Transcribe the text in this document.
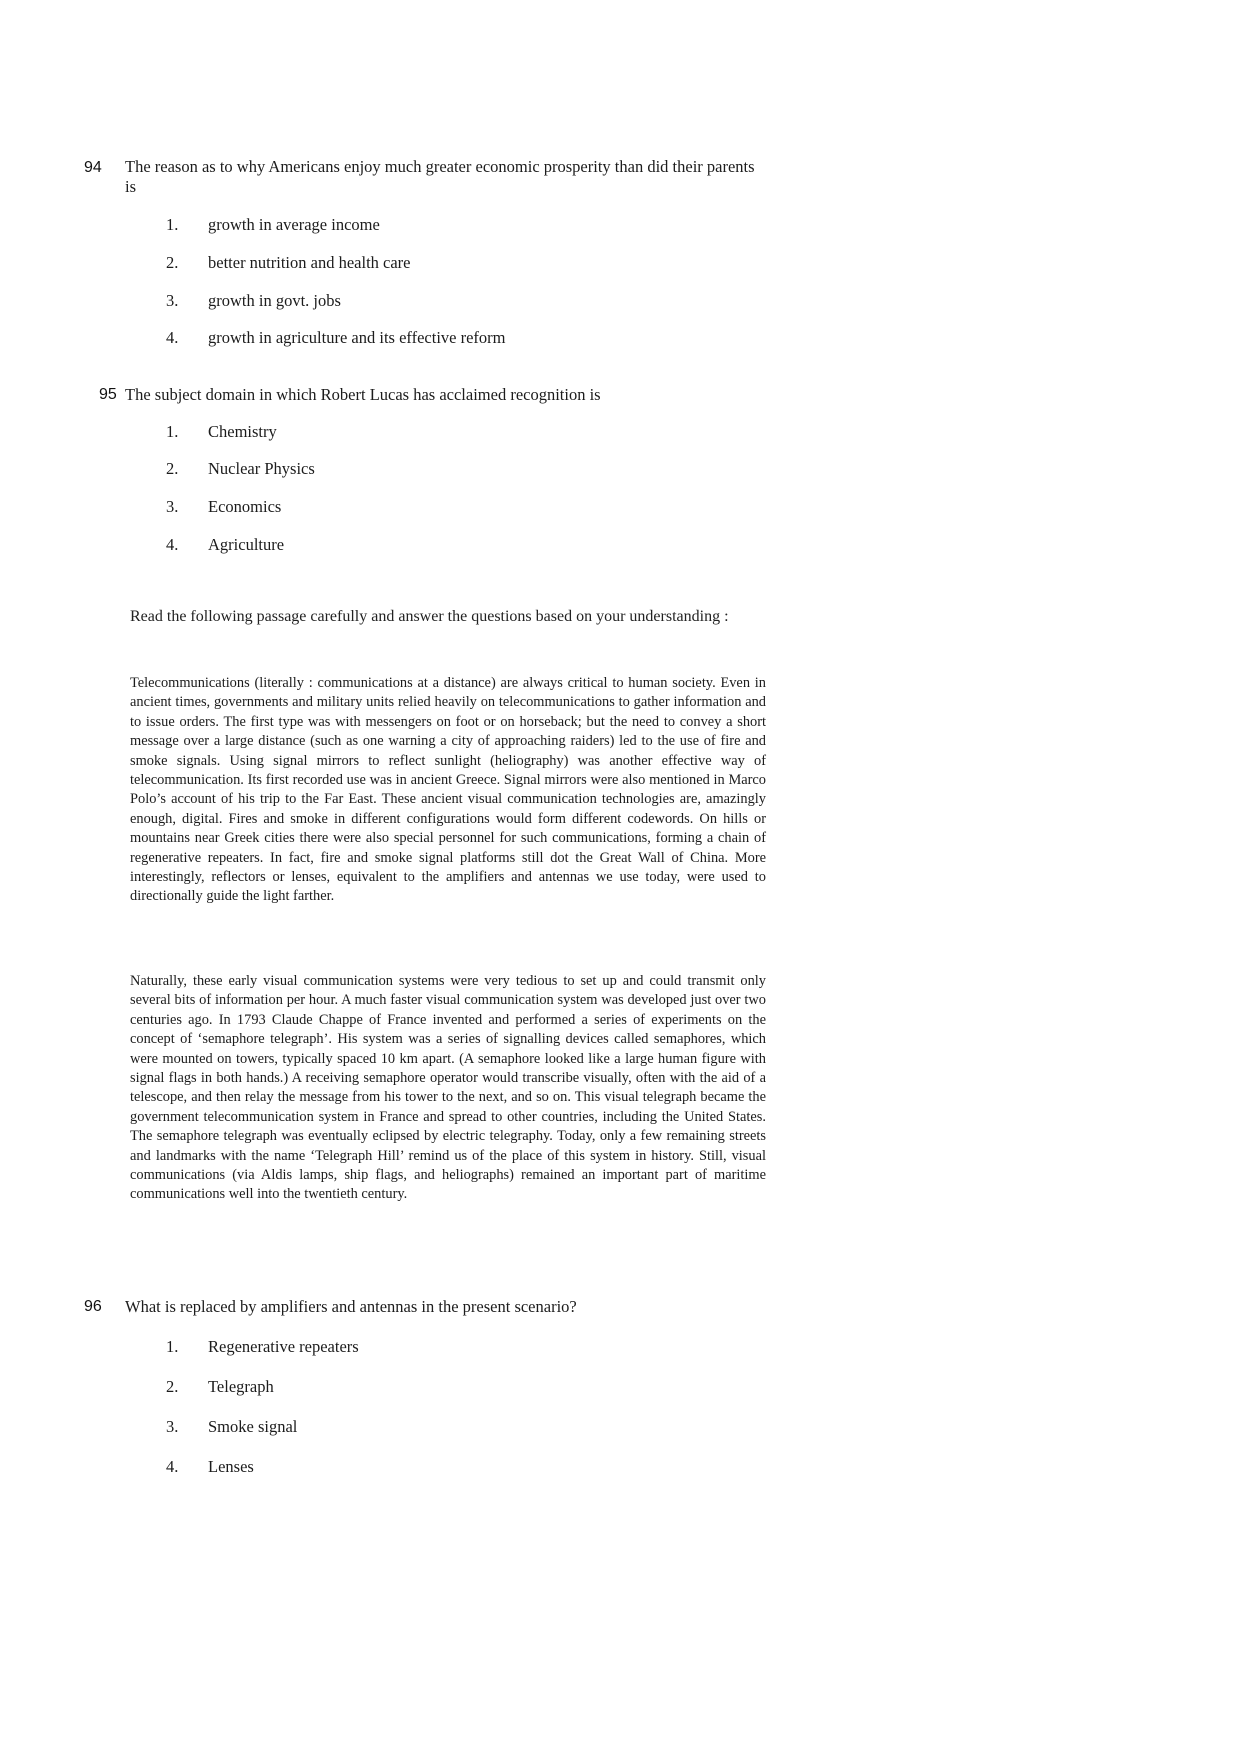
94 The reason as to why Americans enjoy much greater economic prosperity than did their parents is
1. growth in average income
2. better nutrition and health care
3. growth in govt. jobs
4. growth in agriculture and its effective reform
95 The subject domain in which Robert Lucas has acclaimed recognition is
1. Chemistry
2. Nuclear Physics
3. Economics
4. Agriculture
Read the following passage carefully and answer the questions based on your understanding :

Telecommunications (literally : communications at a distance) are always critical to human society. Even in ancient times, governments and military units relied heavily on telecommunications to gather information and to issue orders. The first type was with messengers on foot or on horseback; but the need to convey a short message over a large distance (such as one warning a city of approaching raiders) led to the use of fire and smoke signals. Using signal mirrors to reflect sunlight (heliography) was another effective way of telecommunication. Its first recorded use was in ancient Greece. Signal mirrors were also mentioned in Marco Polo’s account of his trip to the Far East. These ancient visual communication technologies are, amazingly enough, digital. Fires and smoke in different configurations would form different codewords. On hills or mountains near Greek cities there were also special personnel for such communications, forming a chain of regenerative repeaters. In fact, fire and smoke signal platforms still dot the Great Wall of China. More interestingly, reflectors or lenses, equivalent to the amplifiers and antennas we use today, were used to directionally guide the light farther.

Naturally, these early visual communication systems were very tedious to set up and could transmit only several bits of information per hour. A much faster visual communication system was developed just over two centuries ago. In 1793 Claude Chappe of France invented and performed a series of experiments on the concept of ‘semaphore telegraph’. His system was a series of signalling devices called semaphores, which were mounted on towers, typically spaced 10 km apart. (A semaphore looked like a large human figure with signal flags in both hands.) A receiving semaphore operator would transcribe visually, often with the aid of a telescope, and then relay the message from his tower to the next, and so on. This visual telegraph became the government telecommunication system in France and spread to other countries, including the United States. The semaphore telegraph was eventually eclipsed by electric telegraphy. Today, only a few remaining streets and landmarks with the name ‘Telegraph Hill’ remind us of the place of this system in history. Still, visual communications (via Aldis lamps, ship flags, and heliographs) remained an important part of maritime communications well into the twentieth century.

96 What is replaced by amplifiers and antennas in the present scenario?
1. Regenerative repeaters
2. Telegraph
3. Smoke signal
4. Lenses
